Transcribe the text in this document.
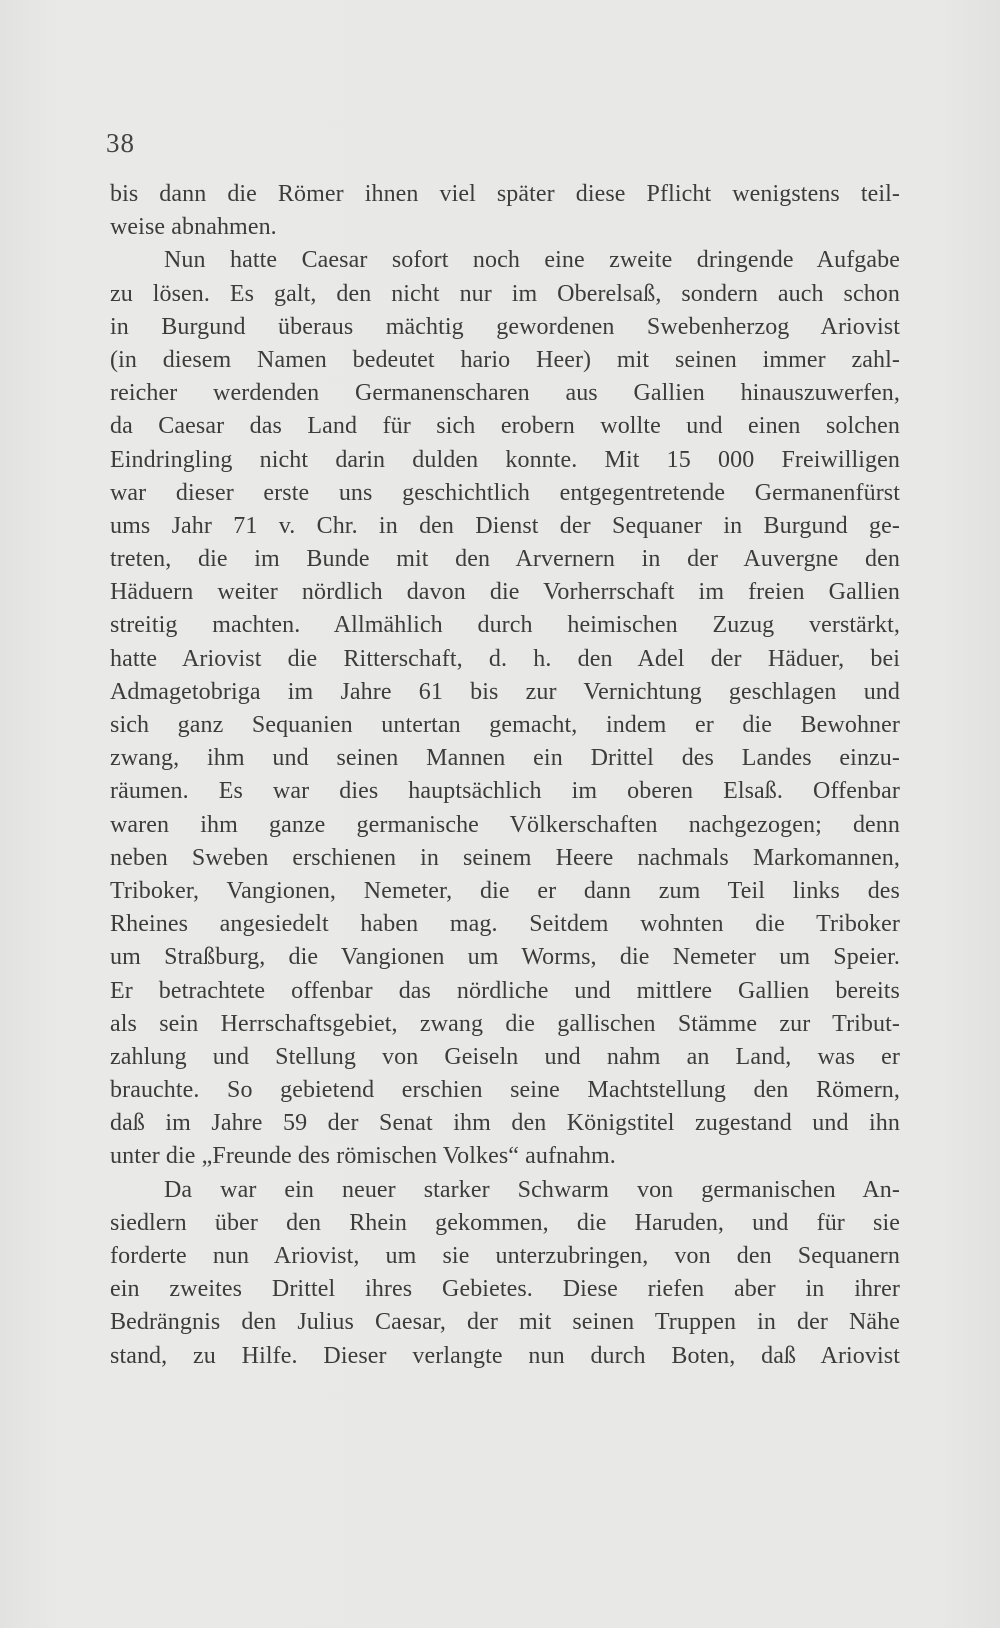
38
bis dann die Römer ihnen viel später diese Pflicht wenigstens teil-
weise abnahmen.
Nun hatte Caesar sofort noch eine zweite dringende Aufgabe
zu lösen. Es galt, den nicht nur im Oberelsaß, sondern auch schon
in Burgund überaus mächtig gewordenen Swebenherzog Ariovist
(in diesem Namen bedeutet hario Heer) mit seinen immer zahl-
reicher werdenden Germanenscharen aus Gallien hinauszuwerfen,
da Caesar das Land für sich erobern wollte und einen solchen
Eindringling nicht darin dulden konnte. Mit 15 000 Freiwilligen
war dieser erste uns geschichtlich entgegentretende Germanenfürst
ums Jahr 71 v. Chr. in den Dienst der Sequaner in Burgund ge-
treten, die im Bunde mit den Arvernern in der Auvergne den
Häduern weiter nördlich davon die Vorherrschaft im freien Gallien
streitig machten. Allmählich durch heimischen Zuzug verstärkt,
hatte Ariovist die Ritterschaft, d. h. den Adel der Häduer, bei
Admagetobriga im Jahre 61 bis zur Vernichtung geschlagen und
sich ganz Sequanien untertan gemacht, indem er die Bewohner
zwang, ihm und seinen Mannen ein Drittel des Landes einzu-
räumen. Es war dies hauptsächlich im oberen Elsaß. Offenbar
waren ihm ganze germanische Völkerschaften nachgezogen; denn
neben Sweben erschienen in seinem Heere nachmals Markomannen,
Triboker, Vangionen, Nemeter, die er dann zum Teil links des
Rheines angesiedelt haben mag. Seitdem wohnten die Triboker
um Straßburg, die Vangionen um Worms, die Nemeter um Speier.
Er betrachtete offenbar das nördliche und mittlere Gallien bereits
als sein Herrschaftsgebiet, zwang die gallischen Stämme zur Tribut-
zahlung und Stellung von Geiseln und nahm an Land, was er
brauchte. So gebietend erschien seine Machtstellung den Römern,
daß im Jahre 59 der Senat ihm den Königstitel zugestand und ihn
unter die „Freunde des römischen Volkes“ aufnahm.
Da war ein neuer starker Schwarm von germanischen An-
siedlern über den Rhein gekommen, die Haruden, und für sie
forderte nun Ariovist, um sie unterzubringen, von den Sequanern
ein zweites Drittel ihres Gebietes. Diese riefen aber in ihrer
Bedrängnis den Julius Caesar, der mit seinen Truppen in der Nähe
stand, zu Hilfe. Dieser verlangte nun durch Boten, daß Ariovist
